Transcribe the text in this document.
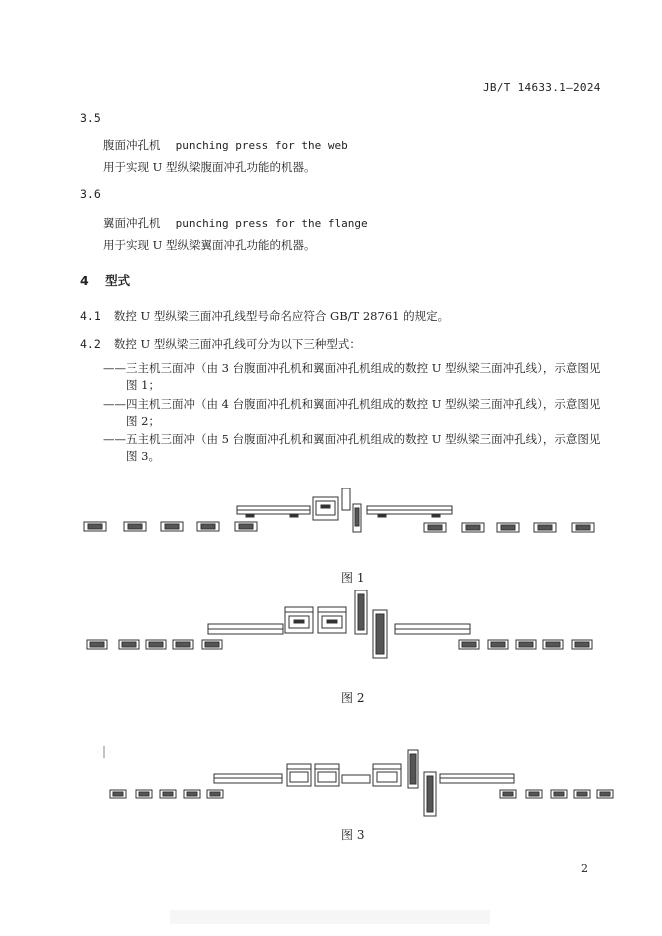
JB/T 14633.1—2024
3.5
腹面冲孔机 punching press for the web
用于实现 U 型纵梁腹面冲孔功能的机器。
3.6
翼面冲孔机 punching press for the flange
用于实现 U 型纵梁翼面冲孔功能的机器。
4 型式
4.1 数控 U 型纵梁三面冲孔线型号命名应符合 GB/T 28761 的规定。
4.2 数控 U 型纵梁三面冲孔线可分为以下三种型式：
——三主机三面冲（由 3 台腹面冲孔机和翼面冲孔机组成的数控 U 型纵梁三面冲孔线），示意图见
图 1；
——四主机三面冲（由 4 台腹面冲孔机和翼面冲孔机组成的数控 U 型纵梁三面冲孔线），示意图见
图 2；
——五主机三面冲（由 5 台腹面冲孔机和翼面冲孔机组成的数控 U 型纵梁三面冲孔线），示意图见
图 3。
图 1
图 2
图 3
2
